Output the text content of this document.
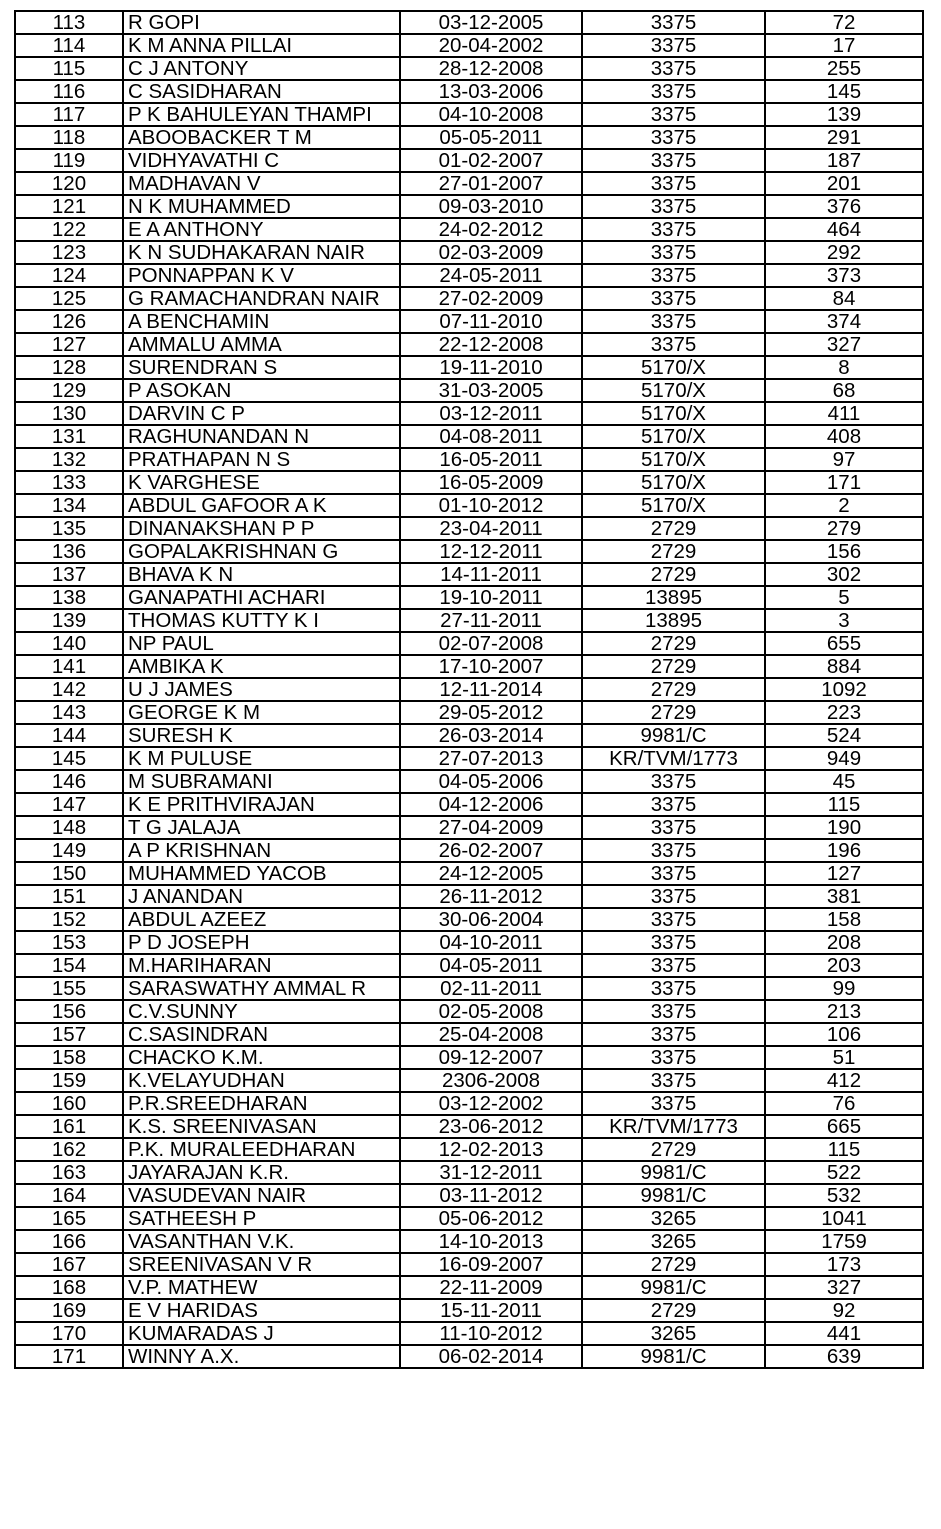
113	R GOPI	03-12-2005	3375	72
114	K M ANNA PILLAI	20-04-2002	3375	17
115	C J ANTONY	28-12-2008	3375	255
116	C SASIDHARAN	13-03-2006	3375	145
117	P K BAHULEYAN THAMPI	04-10-2008	3375	139
118	ABOOBACKER T M	05-05-2011	3375	291
119	VIDHYAVATHI C	01-02-2007	3375	187
120	MADHAVAN V	27-01-2007	3375	201
121	N K MUHAMMED	09-03-2010	3375	376
122	E A ANTHONY	24-02-2012	3375	464
123	K N SUDHAKARAN NAIR	02-03-2009	3375	292
124	PONNAPPAN K V	24-05-2011	3375	373
125	G RAMACHANDRAN NAIR	27-02-2009	3375	84
126	A BENCHAMIN	07-11-2010	3375	374
127	AMMALU AMMA	22-12-2008	3375	327
128	SURENDRAN S	19-11-2010	5170/X	8
129	P ASOKAN	31-03-2005	5170/X	68
130	DARVIN C P	03-12-2011	5170/X	411
131	RAGHUNANDAN N	04-08-2011	5170/X	408
132	PRATHAPAN N S	16-05-2011	5170/X	97
133	K VARGHESE	16-05-2009	5170/X	171
134	ABDUL GAFOOR A K	01-10-2012	5170/X	2
135	DINANAKSHAN P P	23-04-2011	2729	279
136	GOPALAKRISHNAN G	12-12-2011	2729	156
137	BHAVA K N	14-11-2011	2729	302
138	GANAPATHI ACHARI	19-10-2011	13895	5
139	THOMAS KUTTY K I	27-11-2011	13895	3
140	NP PAUL	02-07-2008	2729	655
141	AMBIKA K	17-10-2007	2729	884
142	U J JAMES	12-11-2014	2729	1092
143	GEORGE K M	29-05-2012	2729	223
144	SURESH K	26-03-2014	9981/C	524
145	K M PULUSE	27-07-2013	KR/TVM/1773	949
146	M SUBRAMANI	04-05-2006	3375	45
147	K E PRITHVIRAJAN	04-12-2006	3375	115
148	T G JALAJA	27-04-2009	3375	190
149	A P KRISHNAN	26-02-2007	3375	196
150	MUHAMMED YACOB	24-12-2005	3375	127
151	J ANANDAN	26-11-2012	3375	381
152	ABDUL AZEEZ	30-06-2004	3375	158
153	P D JOSEPH	04-10-2011	3375	208
154	M.HARIHARAN	04-05-2011	3375	203
155	SARASWATHY AMMAL R	02-11-2011	3375	99
156	C.V.SUNNY	02-05-2008	3375	213
157	C.SASINDRAN	25-04-2008	3375	106
158	CHACKO K.M.	09-12-2007	3375	51
159	K.VELAYUDHAN	2306-2008	3375	412
160	P.R.SREEDHARAN	03-12-2002	3375	76
161	K.S. SREENIVASAN	23-06-2012	KR/TVM/1773	665
162	P.K. MURALEEDHARAN	12-02-2013	2729	115
163	JAYARAJAN K.R.	31-12-2011	9981/C	522
164	VASUDEVAN NAIR	03-11-2012	9981/C	532
165	SATHEESH P	05-06-2012	3265	1041
166	VASANTHAN V.K.	14-10-2013	3265	1759
167	SREENIVASAN V R	16-09-2007	2729	173
168	V.P. MATHEW	22-11-2009	9981/C	327
169	E V HARIDAS	15-11-2011	2729	92
170	KUMARADAS J	11-10-2012	3265	441
171	WINNY A.X.	06-02-2014	9981/C	639
